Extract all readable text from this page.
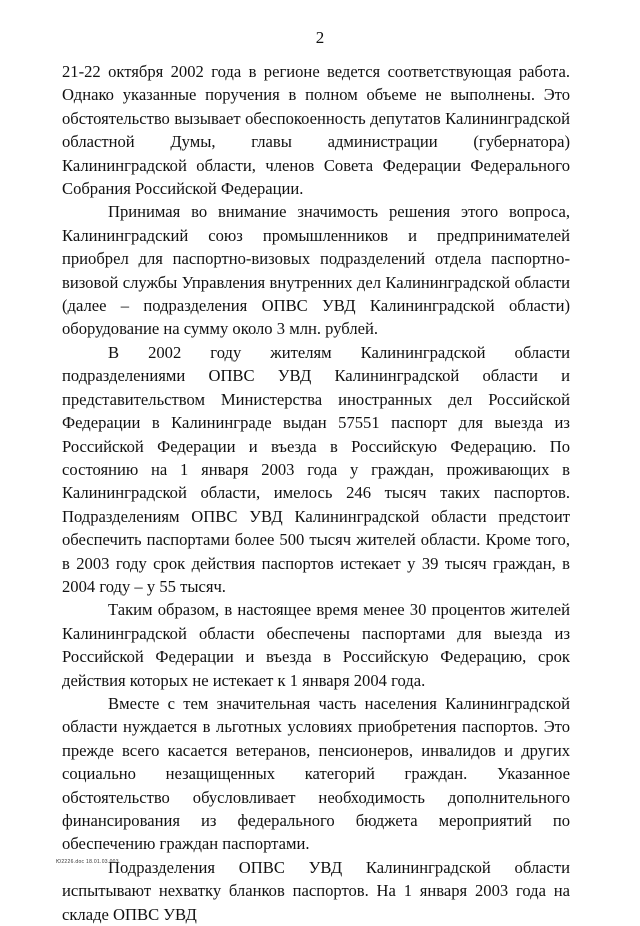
2

21-22 октября 2002 года в регионе ведется соответствующая работа. Однако указанные поручения в полном объеме не выполнены. Это обстоятельство вызывает обеспокоенность депутатов Калининградской областной Думы, главы администрации (губернатора) Калининградской области, членов Совета Федерации Федерального Собрания Российской Федерации.

Принимая во внимание значимость решения этого вопроса, Калининградский союз промышленников и предпринимателей приобрел для паспортно-визовых подразделений отдела паспортно-визовой службы Управления внутренних дел Калининградской области (далее – подразделения ОПВС УВД Калининградской области) оборудование на сумму около 3 млн. рублей.

В 2002 году жителям Калининградской области подразделениями ОПВС УВД Калининградской области и представительством Министерства иностранных дел Российской Федерации в Калининграде выдан 57551 паспорт для выезда из Российской Федерации и въезда в Российскую Федерацию. По состоянию на 1 января 2003 года у граждан, проживающих в Калининградской области, имелось 246 тысяч таких паспортов. Подразделениям ОПВС УВД Калининградской области предстоит обеспечить паспортами более 500 тысяч жителей области. Кроме того, в 2003 году срок действия паспортов истекает у 39 тысяч граждан, в 2004 году – у 55 тысяч.

Таким образом, в настоящее время менее 30 процентов жителей Калининградской области обеспечены паспортами для выезда из Российской Федерации и въезда в Российскую Федерацию, срок действия которых не истекает к 1 января 2004 года.

Вместе с тем значительная часть населения Калининградской области нуждается в льготных условиях приобретения паспортов. Это прежде всего касается ветеранов, пенсионеров, инвалидов и других социально незащищенных категорий граждан. Указанное обстоятельство обусловливает необходимость дополнительного финансирования из федерального бюджета мероприятий по обеспечению граждан паспортами.

Подразделения ОПВС УВД Калининградской области испытывают нехватку бланков паспортов. На 1 января 2003 года на складе ОПВС УВД

Ю2226.doc 18.01.03 003
